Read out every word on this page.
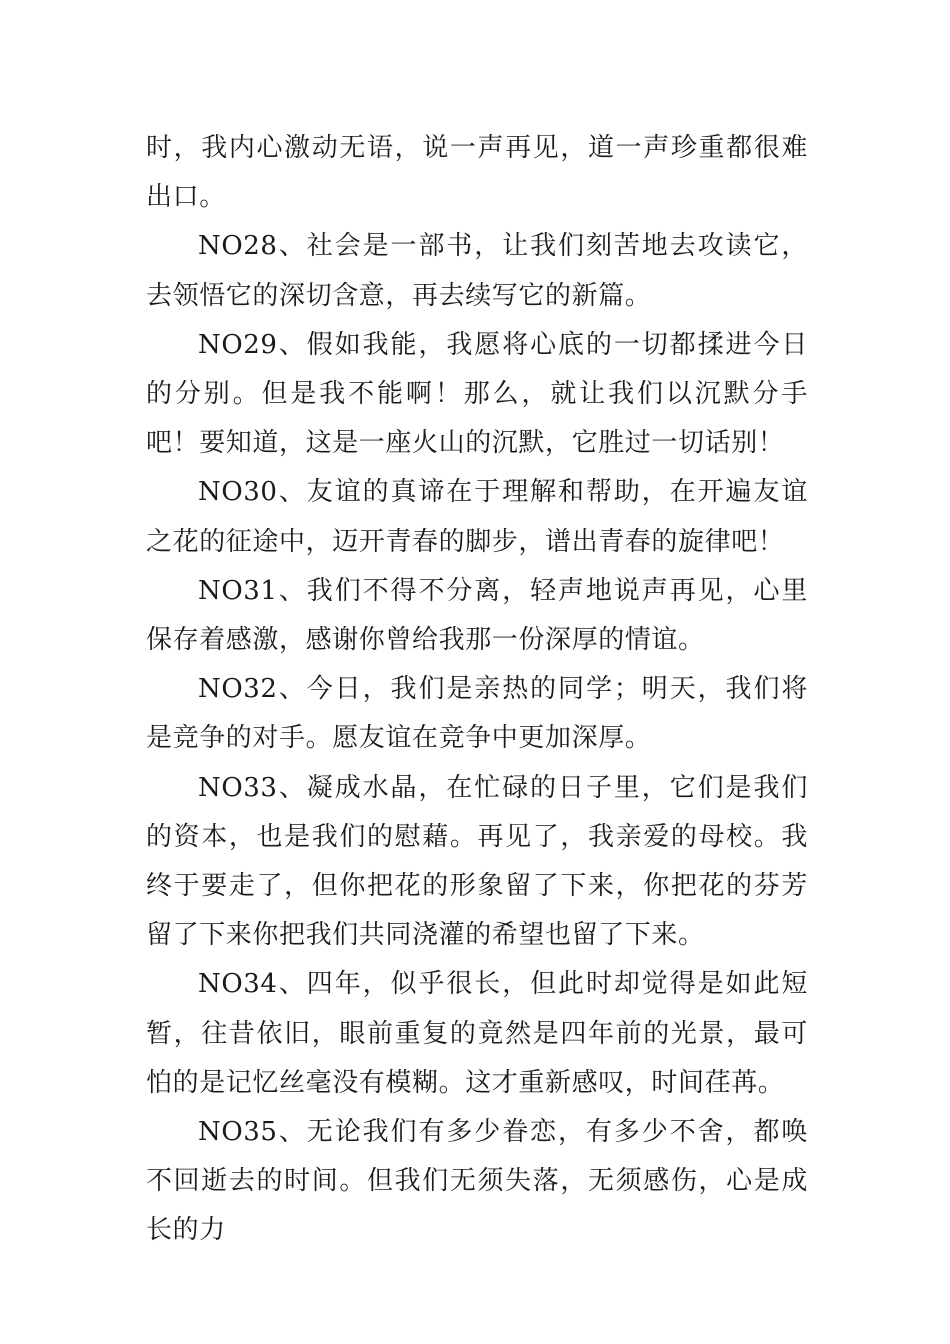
时，我内心激动无语，说一声再见，道一声珍重都很难出口。

NO28、社会是一部书，让我们刻苦地去攻读它，去领悟它的深切含意，再去续写它的新篇。

NO29、假如我能，我愿将心底的一切都揉进今日的分别。但是我不能啊！那么，就让我们以沉默分手吧！要知道，这是一座火山的沉默，它胜过一切话别！

NO30、友谊的真谛在于理解和帮助，在开遍友谊之花的征途中，迈开青春的脚步，谱出青春的旋律吧！

NO31、我们不得不分离，轻声地说声再见，心里保存着感激，感谢你曾给我那一份深厚的情谊。

NO32、今日，我们是亲热的同学；明天，我们将是竞争的对手。愿友谊在竞争中更加深厚。

NO33、凝成水晶，在忙碌的日子里，它们是我们的资本，也是我们的慰藉。再见了，我亲爱的母校。我终于要走了，但你把花的形象留了下来，你把花的芬芳留了下来你把我们共同浇灌的希望也留了下来。

NO34、四年，似乎很长，但此时却觉得是如此短暂，往昔依旧，眼前重复的竟然是四年前的光景，最可怕的是记忆丝毫没有模糊。这才重新感叹，时间荏苒。

NO35、无论我们有多少眷恋，有多少不舍，都唤不回逝去的时间。但我们无须失落，无须感伤，心是成长的力
